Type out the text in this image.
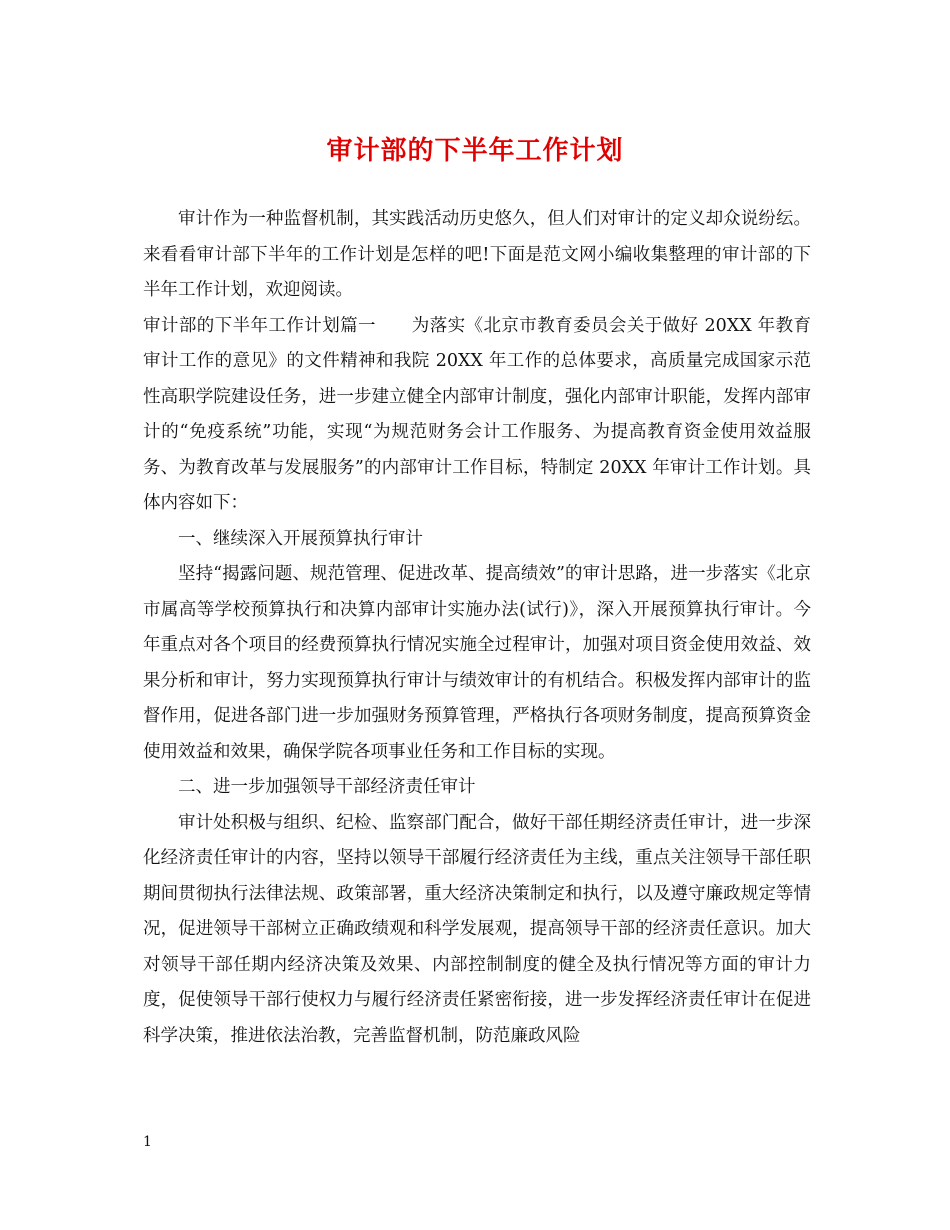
审计部的下半年工作计划

审计作为一种监督机制，其实践活动历史悠久，但人们对审计的定义却众说纷纭。 来看看审计部下半年的工作计划是怎样的吧!下面是范文网小编收集整理的审计部的下半年工作计划，欢迎阅读。

审计部的下半年工作计划篇一　　为落实《北京市教育委员会关于做好 20XX 年教育审计工作的意见》的文件精神和我院 20XX 年工作的总体要求，高质量完成国家示范性高职学院建设任务，进一步建立健全内部审计制度，强化内部审计职能，发挥内部审计的“免疫系统”功能，实现“为规范财务会计工作服务、为提高教育资金使用效益服务、为教育改革与发展服务”的内部审计工作目标，特制定 20XX 年审计工作计划。具体内容如下：

一、继续深入开展预算执行审计

坚持“揭露问题、规范管理、促进改革、提高绩效”的审计思路，进一步落实《北京市属高等学校预算执行和决算内部审计实施办法(试行)》，深入开展预算执行审计。今年重点对各个项目的经费预算执行情况实施全过程审计，加强对项目资金使用效益、效果分析和审计，努力实现预算执行审计与绩效审计的有机结合。积极发挥内部审计的监督作用，促进各部门进一步加强财务预算管理，严格执行各项财务制度，提高预算资金使用效益和效果，确保学院各项事业任务和工作目标的实现。

二、进一步加强领导干部经济责任审计

审计处积极与组织、纪检、监察部门配合，做好干部任期经济责任审计，进一步深化经济责任审计的内容，坚持以领导干部履行经济责任为主线，重点关注领导干部任职期间贯彻执行法律法规、政策部署，重大经济决策制定和执行，以及遵守廉政规定等情况，促进领导干部树立正确政绩观和科学发展观，提高领导干部的经济责任意识。加大对领导干部任期内经济决策及效果、内部控制制度的健全及执行情况等方面的审计力度，促使领导干部行使权力与履行经济责任紧密衔接，进一步发挥经济责任审计在促进科学决策，推进依法治教，完善监督机制，防范廉政风险

1
